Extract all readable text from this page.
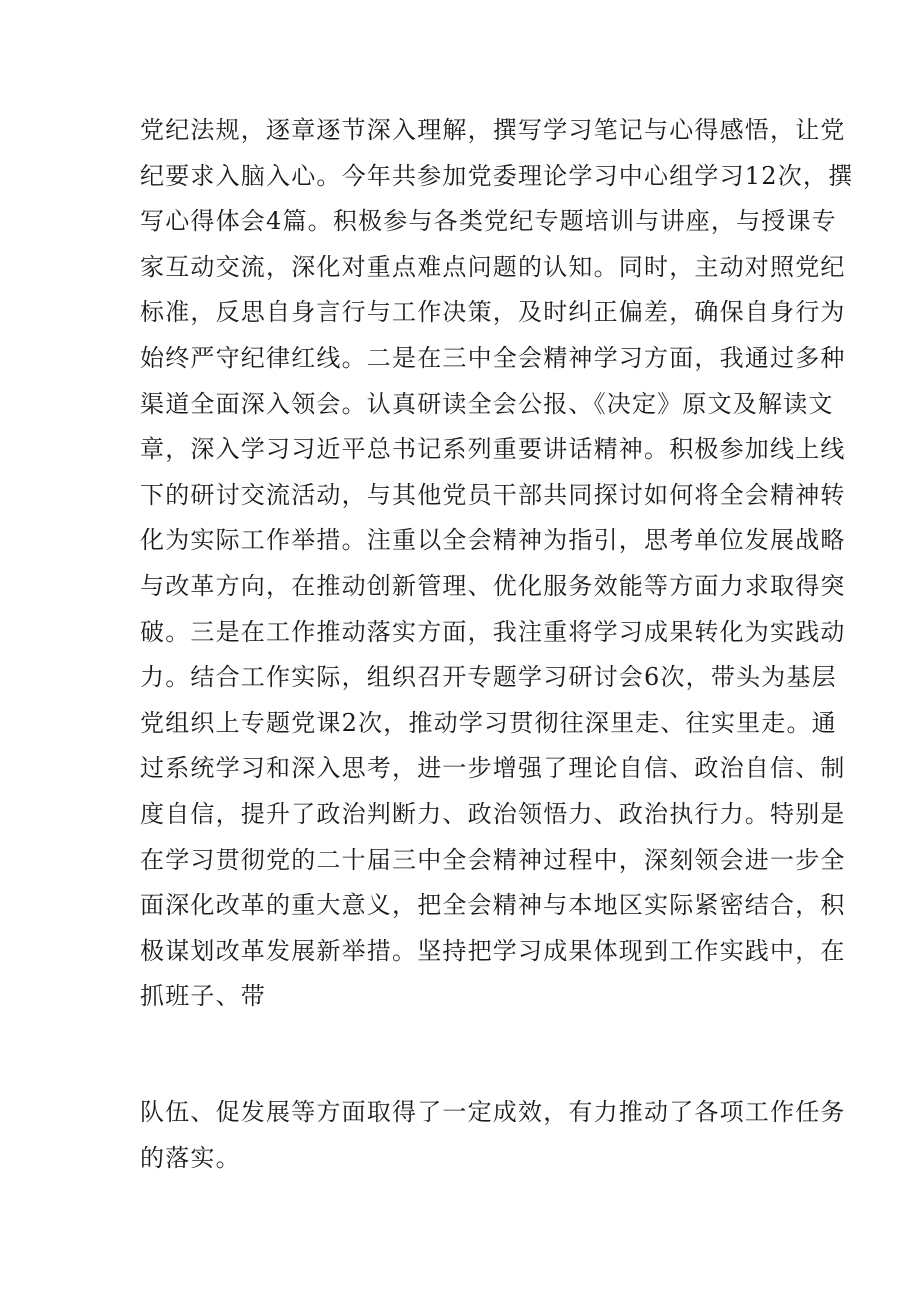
党纪法规，逐章逐节深入理解，撰写学习笔记与心得感悟，让党
纪要求入脑入心。今年共参加党委理论学习中心组学习12次，撰
写心得体会4篇。积极参与各类党纪专题培训与讲座，与授课专
家互动交流，深化对重点难点问题的认知。同时，主动对照党纪
标准，反思自身言行与工作决策，及时纠正偏差，确保自身行为
始终严守纪律红线。二是在三中全会精神学习方面，我通过多种
渠道全面深入领会。认真研读全会公报、《决定》原文及解读文
章，深入学习习近平总书记系列重要讲话精神。积极参加线上线
下的研讨交流活动，与其他党员干部共同探讨如何将全会精神转
化为实际工作举措。注重以全会精神为指引，思考单位发展战略
与改革方向，在推动创新管理、优化服务效能等方面力求取得突
破。三是在工作推动落实方面，我注重将学习成果转化为实践动
力。结合工作实际，组织召开专题学习研讨会6次，带头为基层
党组织上专题党课2次，推动学习贯彻往深里走、往实里走。通
过系统学习和深入思考，进一步增强了理论自信、政治自信、制
度自信，提升了政治判断力、政治领悟力、政治执行力。特别是
在学习贯彻党的二十届三中全会精神过程中，深刻领会进一步全
面深化改革的重大意义，把全会精神与本地区实际紧密结合，积
极谋划改革发展新举措。坚持把学习成果体现到工作实践中，在
抓班子、带
队伍、促发展等方面取得了一定成效，有力推动了各项工作任务
的落实。
